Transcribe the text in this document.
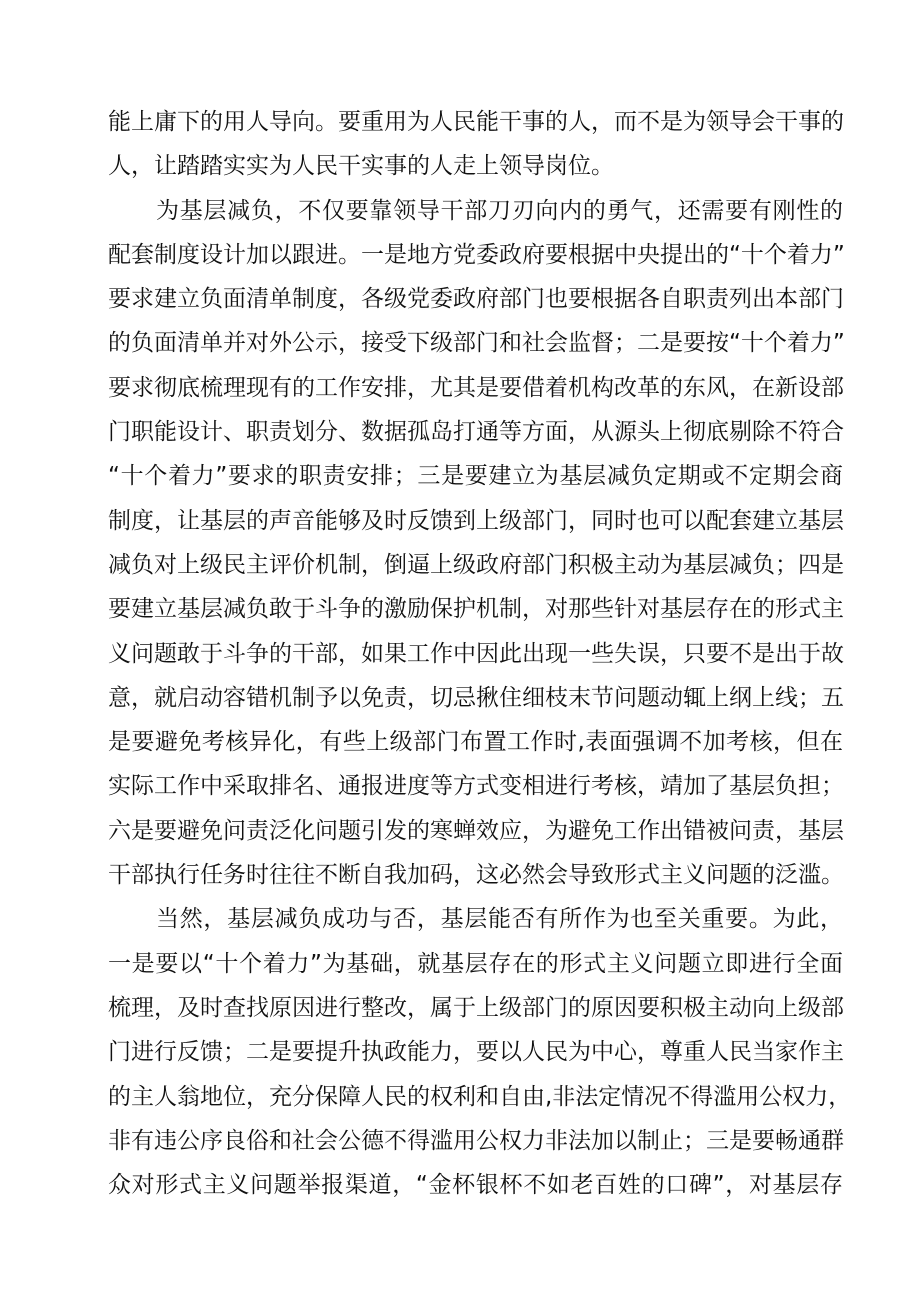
能上庸下的用人导向。要重用为人民能干事的人，而不是为领导会干事的
人，让踏踏实实为人民干实事的人走上领导岗位。
为基层减负，不仅要靠领导干部刀刃向内的勇气，还需要有刚性的
配套制度设计加以跟进。一是地方党委政府要根据中央提出的“十个着力”
要求建立负面清单制度，各级党委政府部门也要根据各自职责列出本部门
的负面清单并对外公示，接受下级部门和社会监督；二是要按“十个着力”
要求彻底梳理现有的工作安排，尤其是要借着机构改革的东风，在新设部
门职能设计、职责划分、数据孤岛打通等方面，从源头上彻底剔除不符合
“十个着力”要求的职责安排；三是要建立为基层减负定期或不定期会商
制度，让基层的声音能够及时反馈到上级部门，同时也可以配套建立基层
减负对上级民主评价机制，倒逼上级政府部门积极主动为基层减负；四是
要建立基层减负敢于斗争的激励保护机制，对那些针对基层存在的形式主
义问题敢于斗争的干部，如果工作中因此出现一些失误，只要不是出于故
意，就启动容错机制予以免责，切忌揪住细枝末节问题动辄上纲上线；五
是要避免考核异化，有些上级部门布置工作时,表面强调不加考核，但在
实际工作中采取排名、通报进度等方式变相进行考核，靖加了基层负担；
六是要避免问责泛化问题引发的寒蝉效应，为避免工作出错被问责，基层
干部执行任务时往往不断自我加码，这必然会导致形式主义问题的泛滥。
当然，基层减负成功与否，基层能否有所作为也至关重要。为此，
一是要以“十个着力”为基础，就基层存在的形式主义问题立即进行全面
梳理，及时查找原因进行整改，属于上级部门的原因要积极主动向上级部
门进行反馈；二是要提升执政能力，要以人民为中心，尊重人民当家作主
的主人翁地位，充分保障人民的权利和自由,非法定情况不得滥用公权力，
非有违公序良俗和社会公德不得滥用公权力非法加以制止；三是要畅通群
众对形式主义问题举报渠道，“金杯银杯不如老百姓的口碑”，对基层存
